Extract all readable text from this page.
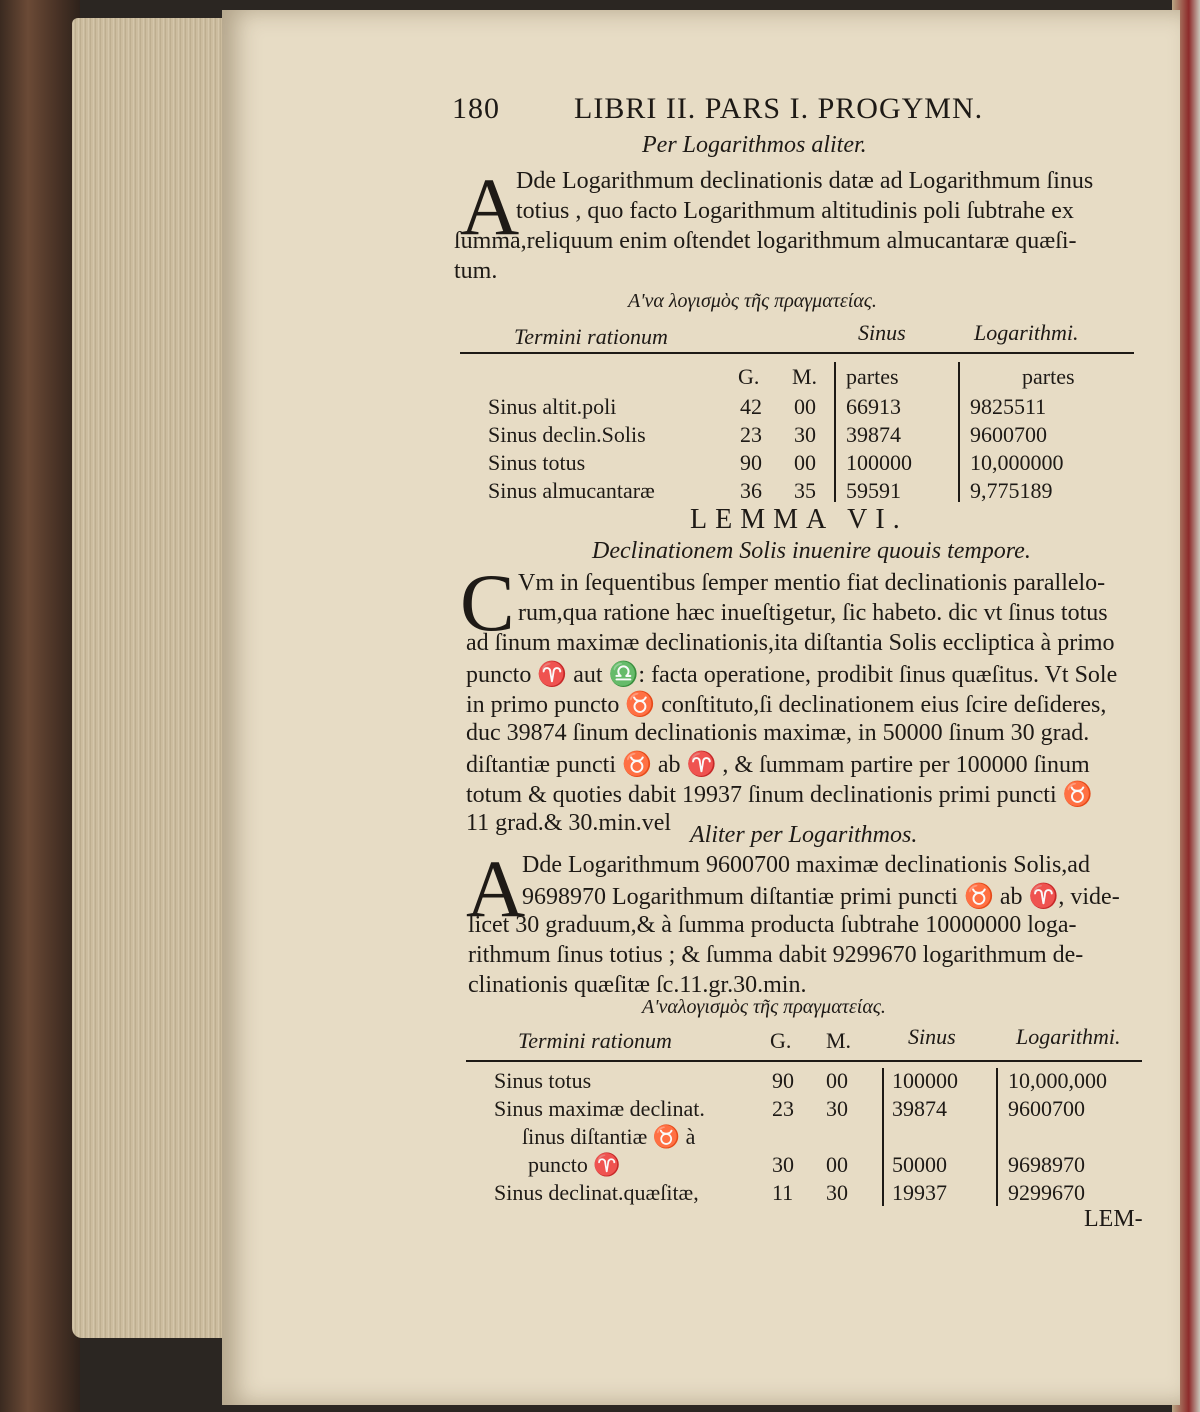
180 LIBRI II. PARS I. PROGYMN.
Per Logarithmos aliter.
A
Dde Logarithmum declinationis datæ ad Logarithmum ſinus
totius , quo facto Logarithmum altitudinis poli ſubtrahe ex
ſumma,reliquum enim oſtendet logarithmum almucantaræ quæſi-
tum.
Α'να λογισμὸς τῆς πραγματείας.
Termini rationum	Sinus	Logarithmi.
G. M. partes	partes
Sinus altit.poli	42 00 66913	9825511
Sinus declin.Solis	23 30 39874	9600700
Sinus totus	90 00 100000	10,000000
Sinus almucantaræ	36 35 59591	9,775189
LEMMA VI.
Declinationem Solis inuenire quouis tempore.
C Vm in ſequentibus ſemper mentio fiat declinationis parallelo-
rum,qua ratione hæc inueſtigetur, ſic habeto. dic vt ſinus totus
ad ſinum maximæ declinationis,ita diſtantia Solis eccliptica à primo
puncto ♈ aut ♎: facta operatione, prodibit ſinus quæſitus. Vt Sole
in primo puncto ♉ conſtituto,ſi declinationem eius ſcire deſideres,
duc 39874 ſinum declinationis maximæ, in 50000 ſinum 30 grad.
diſtantiæ puncti ♉ ab ♈ , & ſummam partire per 100000 ſinum
totum & quoties dabit 19937 ſinum declinationis primi puncti ♉
11 grad.& 30.min.vel Aliter per Logarithmos.
A
Dde Logarithmum 9600700 maximæ declinationis Solis,ad
9698970 Logarithmum diſtantiæ primi puncti ♉ ab ♈, vide-
licet 30 graduum,& à ſumma producta ſubtrahe 10000000 loga-
rithmum ſinus totius ; & ſumma dabit 9299670 logarithmum de-
clinationis quæſitæ ſc.11.gr.30.min.
Α'ναλογισμὸς τῆς πραγματείας.
Termini rationum	G. M.	Sinus	Logarithmi.
Sinus totus	90 00 100000 10,000,000
Sinus maximæ declinat.	23 30 39874	9600700
ſinus diſtantiæ ♉ à
puncto ♈	30 00 50000	9698970
Sinus declinat.quæſitæ,	11 30 19937	9299670
LEM-
